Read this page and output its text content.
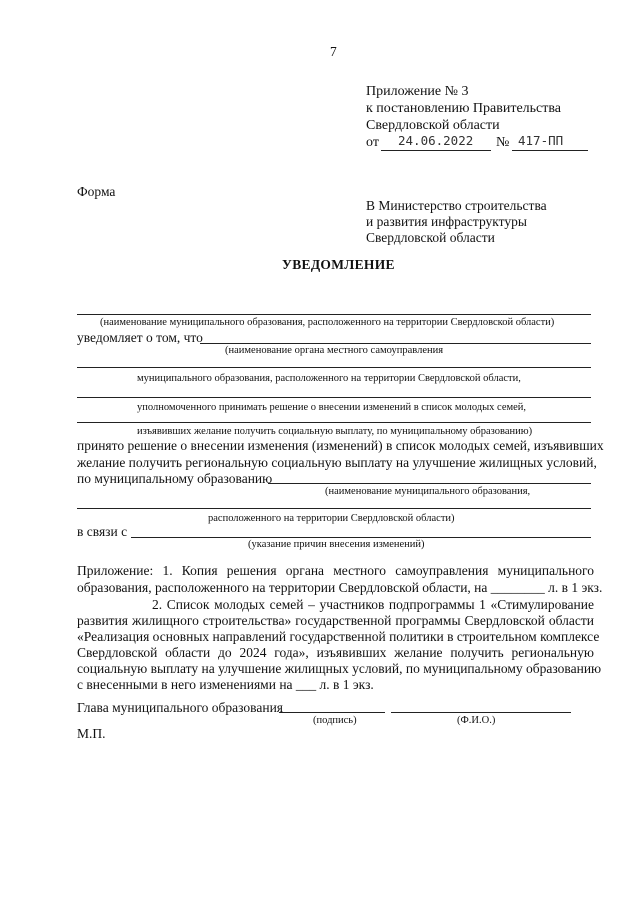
7
Приложение № 3
к постановлению Правительства
Свердловской области
от 24.06.2022 № 417-ПП
Форма
В Министерство строительства
и развития инфраструктуры
Свердловской области
УВЕДОМЛЕНИЕ
(наименование муниципального образования, расположенного на территории Свердловской области)
уведомляет о том, что
(наименование органа местного самоуправления
муниципального образования, расположенного на территории Свердловской области,
уполномоченного принимать решение о внесении изменений в список молодых семей,
изъявивших желание получить социальную выплату, по муниципальному образованию)
принято решение о внесении изменения (изменений) в список молодых семей, изъявивших
желание получить региональную социальную выплату на улучшение жилищных условий,
по муниципальному образованию
(наименование муниципального образования,
расположенного на территории Свердловской области)
в связи с
(указание причин внесения изменений)
Приложение: 1. Копия решения органа местного самоуправления муниципального
образования, расположенного на территории Свердловской области, на ________ л. в 1 экз.
2. Список молодых семей – участников подпрограммы 1 «Стимулирование
развития жилищного строительства» государственной программы Свердловской области
«Реализация основных направлений государственной политики в строительном комплексе
Свердловской области до 2024 года», изъявивших желание получить региональную
социальную выплату на улучшение жилищных условий, по муниципальному образованию
с внесенными в него изменениями на ___ л. в 1 экз.
Глава муниципального образования
(подпись)	(Ф.И.О.)
М.П.
